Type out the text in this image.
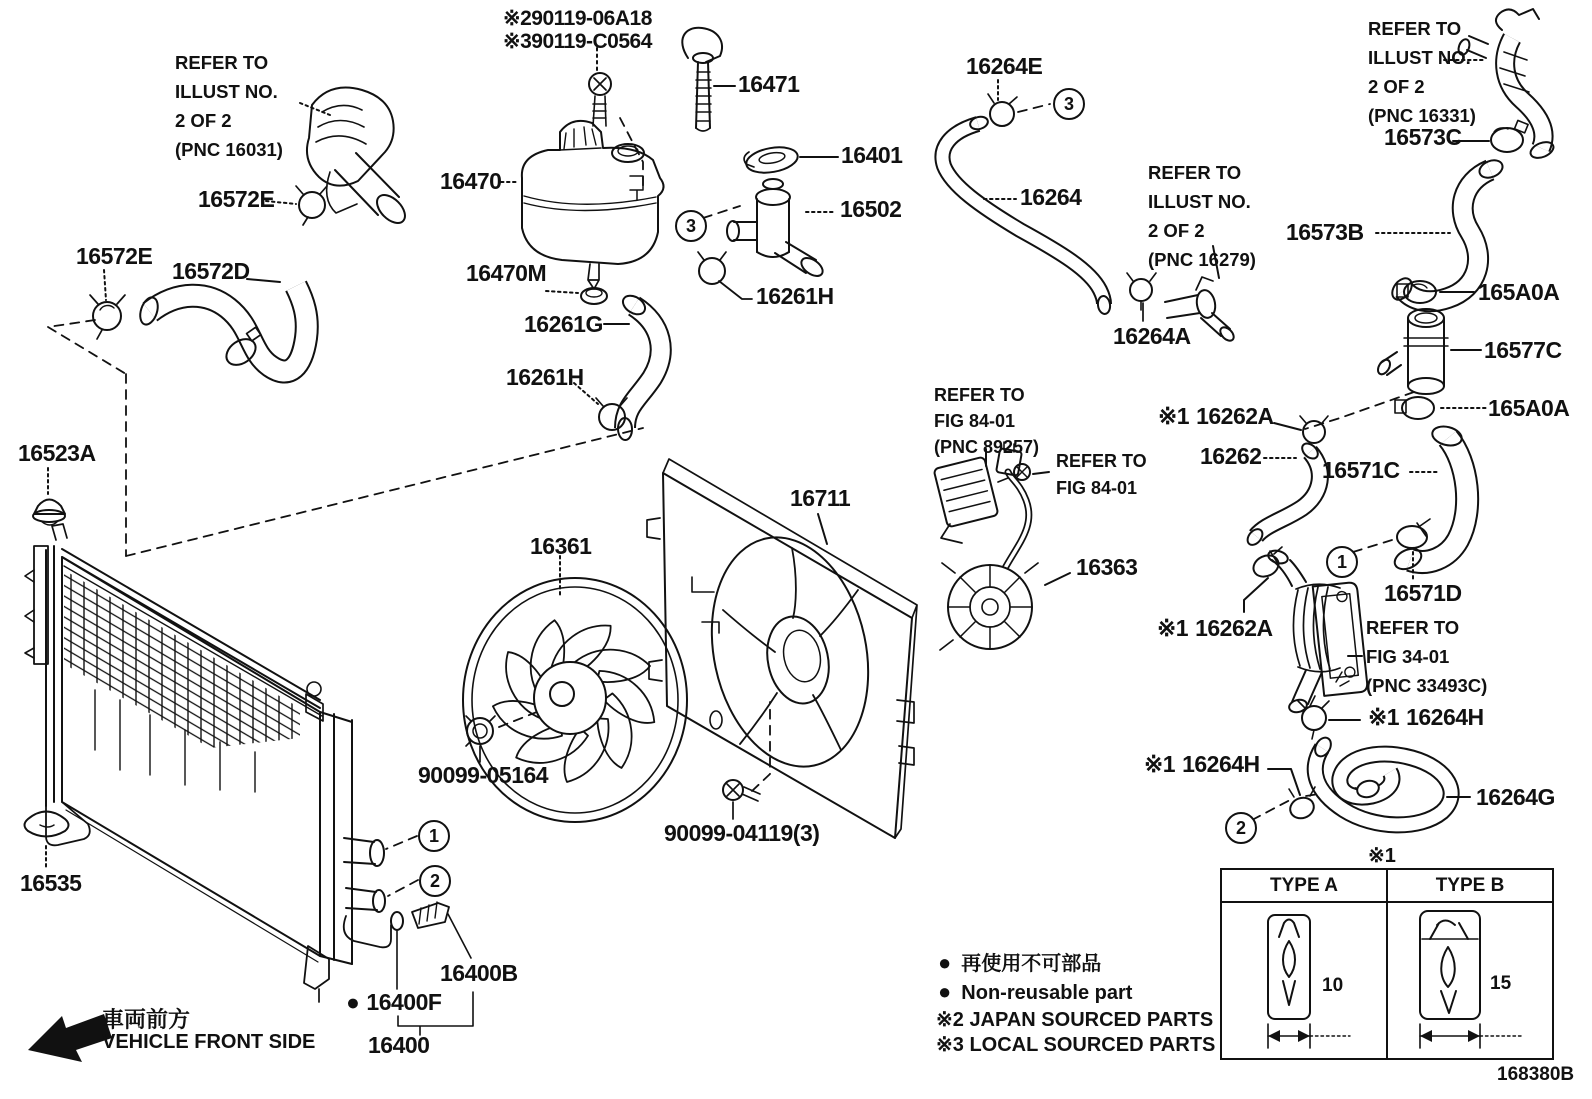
REFER TO
ILLUST NO.
2 OF 2
(PNC 16031)
※290119-06A18
※390119-C0564
16572E
16572E
16572D
16470
16471
16401
16502
16470M
16261H
16261G
16261H
16523A
16535
16264E
16264
REFER TO
ILLUST NO.
2 OF 2
(PNC 16279)
16264A
REFER TO
ILLUST NO.
2 OF 2
(PNC 16331)
16573C
16573B
165A0A
16577C
165A0A
※1 16262A
16262
16571C
16571D
※1 16262A	REFER TO
FIG 34-01
(PNC 33493C)
※1 16264H
※1 16264H
16264G
REFER TO
FIG 84-01
(PNC 89257)
REFER TO
FIG 84-01
16363
16711
16361
90099-05164
90099-04119(3)
16400B
● 16400F
16400
3
3
1
2
1
2
● 再使用不可部品
● Non-reusable part
※2 JAPAN SOURCED PARTS
※3 LOCAL SOURCED PARTS
車両前方
VEHICLE FRONT SIDE
※1
TYPE A	TYPE B
10	15
168380B
